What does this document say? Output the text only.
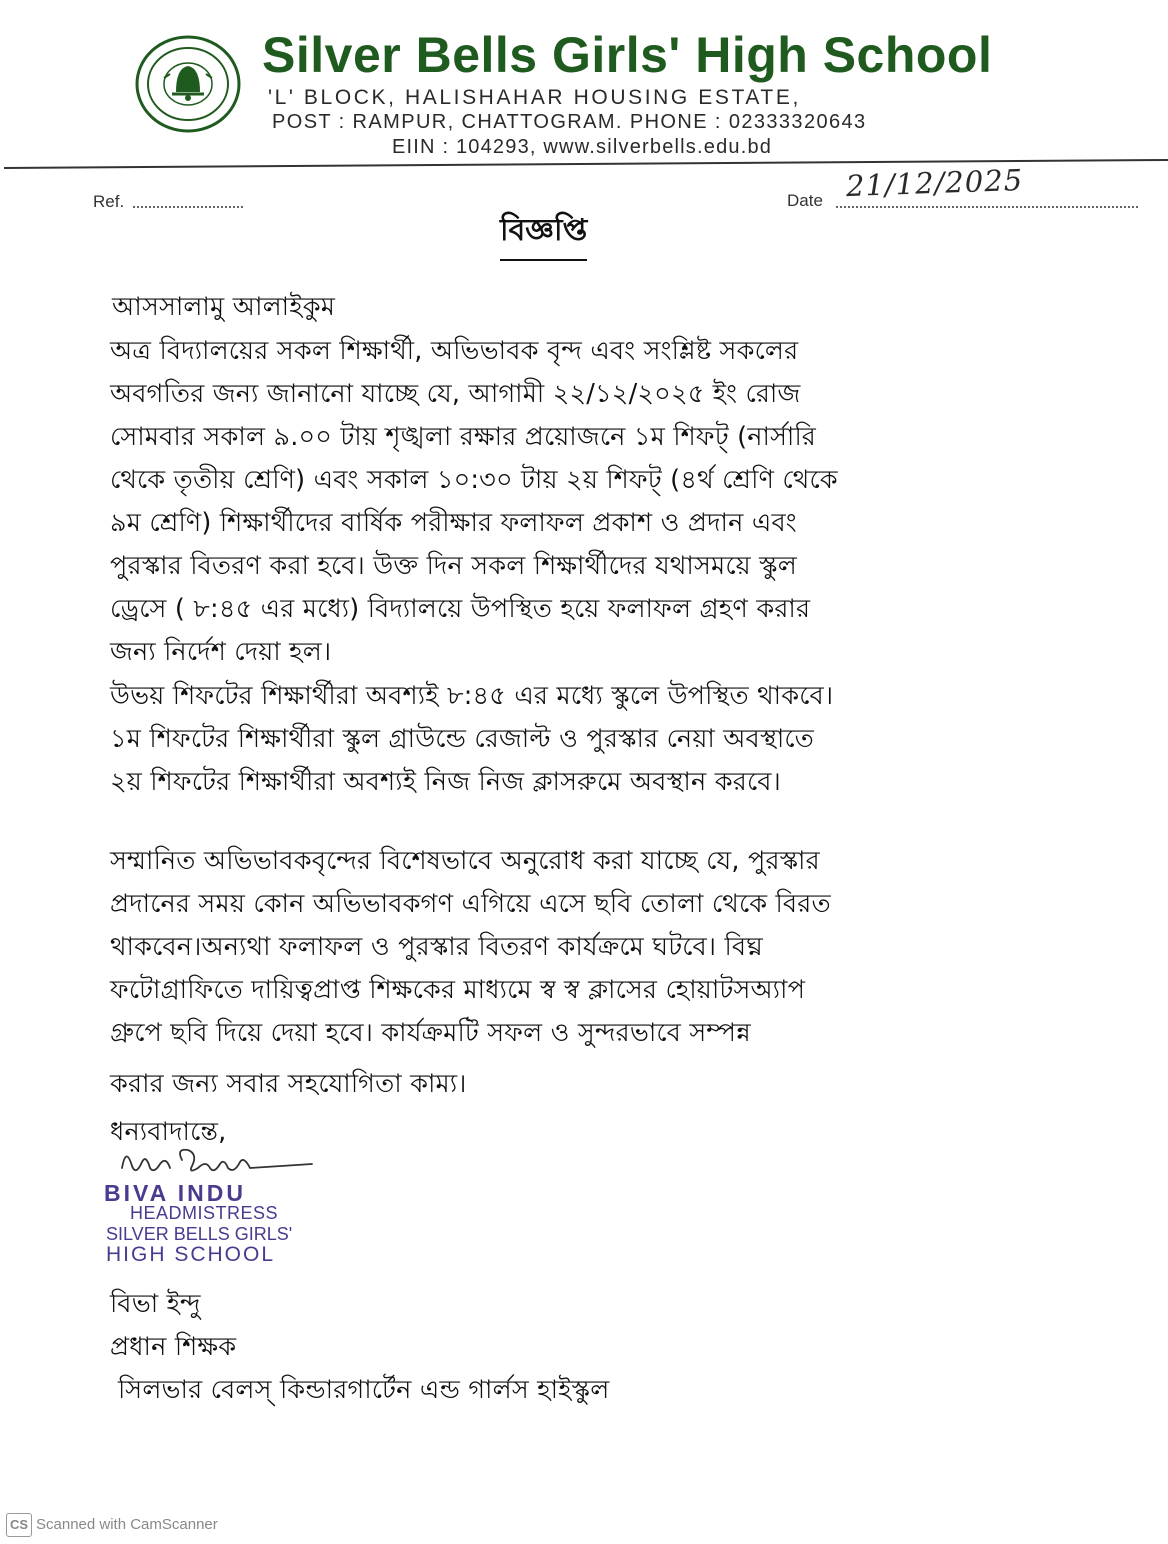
Silver Bells Girls' High School
'L' BLOCK, HALISHAHAR HOUSING ESTATE,
POST : RAMPUR, CHATTOGRAM. PHONE : 02333320643
EIIN : 104293, www.silverbells.edu.bd
Ref.	Date 21/12/2025
বিজ্ঞপ্তি
আসসালামু আলাইকুম
অত্র বিদ্যালয়ের সকল শিক্ষার্থী, অভিভাবক বৃন্দ এবং সংশ্লিষ্ট সকলের
অবগতির জন্য জানানো যাচ্ছে যে, আগামী ২২/১২/২০২৫ ইং রোজ
সোমবার সকাল ৯.০০ টায় শৃঙ্খলা রক্ষার প্রয়োজনে ১ম শিফট্ (নার্সারি
থেকে তৃতীয় শ্রেণি) এবং সকাল ১০:৩০ টায় ২য় শিফট্ (৪র্থ শ্রেণি থেকে
৯ম শ্রেণি) শিক্ষার্থীদের বার্ষিক পরীক্ষার ফলাফল প্রকাশ ও প্রদান এবং
পুরস্কার বিতরণ করা হবে। উক্ত দিন সকল শিক্ষার্থীদের যথাসময়ে স্কুল
ড্রেসে ( ৮:৪৫ এর মধ্যে) বিদ্যালয়ে উপস্থিত হয়ে ফলাফল গ্রহণ করার
জন্য নির্দেশ দেয়া হল।
উভয় শিফটের শিক্ষার্থীরা অবশ্যই ৮:৪৫ এর মধ্যে স্কুলে উপস্থিত থাকবে।
১ম শিফটের শিক্ষার্থীরা স্কুল গ্রাউন্ডে রেজাল্ট ও পুরস্কার নেয়া অবস্থাতে
২য় শিফটের শিক্ষার্থীরা অবশ্যই নিজ নিজ ক্লাসরুমে অবস্থান করবে।
সম্মানিত অভিভাবকবৃন্দের বিশেষভাবে অনুরোধ করা যাচ্ছে যে, পুরস্কার
প্রদানের সময় কোন অভিভাবকগণ এগিয়ে এসে ছবি তোলা থেকে বিরত
থাকবেন।অন্যথা ফলাফল ও পুরস্কার বিতরণ কার্যক্রমে ঘটবে। বিঘ্ন
ফটোগ্রাফিতে দায়িত্বপ্রাপ্ত শিক্ষকের মাধ্যমে স্ব স্ব ক্লাসের হোয়াটসঅ্যাপ
গ্রুপে ছবি দিয়ে দেয়া হবে। কার্যক্রমটি সফল ও সুন্দরভাবে সম্পন্ন
করার জন্য সবার সহযোগিতা কাম্য।
ধন্যবাদান্তে,
BIVA INDU
HEADMISTRESS
SILVER BELLS GIRLS'
HIGH SCHOOL
বিভা ইন্দু
প্রধান শিক্ষক
সিলভার বেলস্ কিন্ডারগার্টেন এন্ড গার্লস হাইস্কুল
CS Scanned with CamScanner
